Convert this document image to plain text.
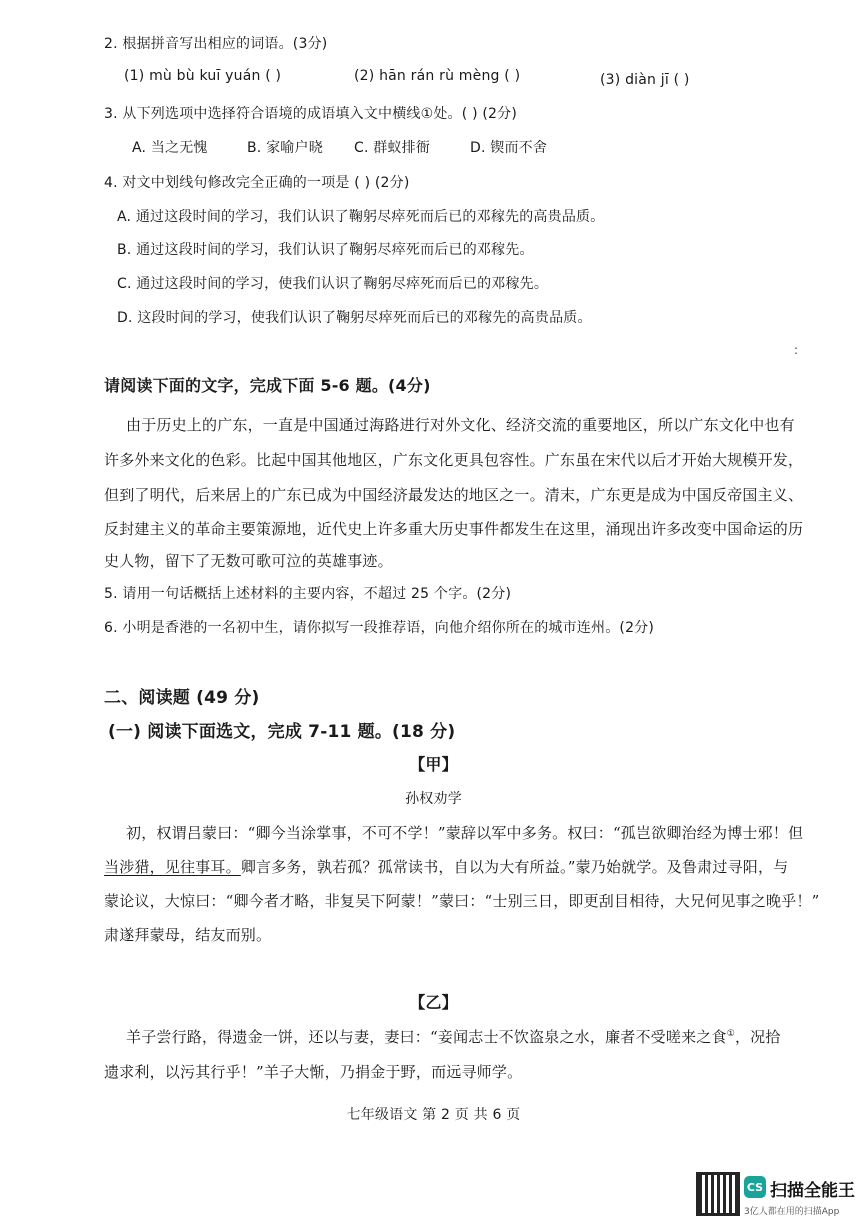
2. 根据拼音写出相应的词语。(3分)
(1) mù bù kuī yuán ( )	(2) hān rán rù mèng ( )	(3) diàn jī ( )
3. 从下列选项中选择符合语境的成语填入文中横线①处。( ) (2分)
A. 当之无愧	B. 家喻户晓 C. 群蚁排衙	D. 锲而不舍
4. 对文中划线句修改完全正确的一项是 ( ) (2分)
A. 通过这段时间的学习，我们认识了鞠躬尽瘁死而后已的邓稼先的高贵品质。
B. 通过这段时间的学习，我们认识了鞠躬尽瘁死而后已的邓稼先。
C. 通过这段时间的学习，使我们认识了鞠躬尽瘁死而后已的邓稼先。
D. 这段时间的学习，使我们认识了鞠躬尽瘁死而后已的邓稼先的高贵品质。
请阅读下面的文字，完成下面 5-6 题。(4分)
由于历史上的广东，一直是中国通过海路进行对外文化、经济交流的重要地区，所以广东文化中也有
许多外来文化的色彩。比起中国其他地区，广东文化更具包容性。广东虽在宋代以后才开始大规模开发，
但到了明代，后来居上的广东已成为中国经济最发达的地区之一。清末，广东更是成为中国反帝国主义、
反封建主义的革命主要策源地，近代史上许多重大历史事件都发生在这里，涌现出许多改变中国命运的历
史人物，留下了无数可歌可泣的英雄事迹。
5. 请用一句话概括上述材料的主要内容，不超过 25 个字。(2分)
6. 小明是香港的一名初中生，请你拟写一段推荐语，向他介绍你所在的城市连州。(2分)
二、阅读题 (49 分)
(一) 阅读下面选文，完成 7-11 题。(18 分)
【甲】
孙权劝学
初，权谓吕蒙曰：“卿今当涂掌事，不可不学！”蒙辞以军中多务。权曰：“孤岂欲卿治经为博士邪！但
当涉猎，见往事耳。卿言多务，孰若孤？孤常读书，自以为大有所益。”蒙乃始就学。及鲁肃过寻阳，与
蒙论议，大惊曰：“卿今者才略，非复吴下阿蒙！”蒙曰：“士别三日，即更刮目相待，大兄何见事之晚乎！”
肃遂拜蒙母，结友而别。
【乙】
羊子尝行路，得遗金一饼，还以与妻，妻曰：“妾闻志士不饮盗泉之水，廉者不受嗟来之食①，况拾
遗求利，以污其行乎！”羊子大惭，乃捐金于野，而远寻师学。
七年级语文 第 2 页 共 6 页
:
CS 扫描全能王
3亿人都在用的扫描App
